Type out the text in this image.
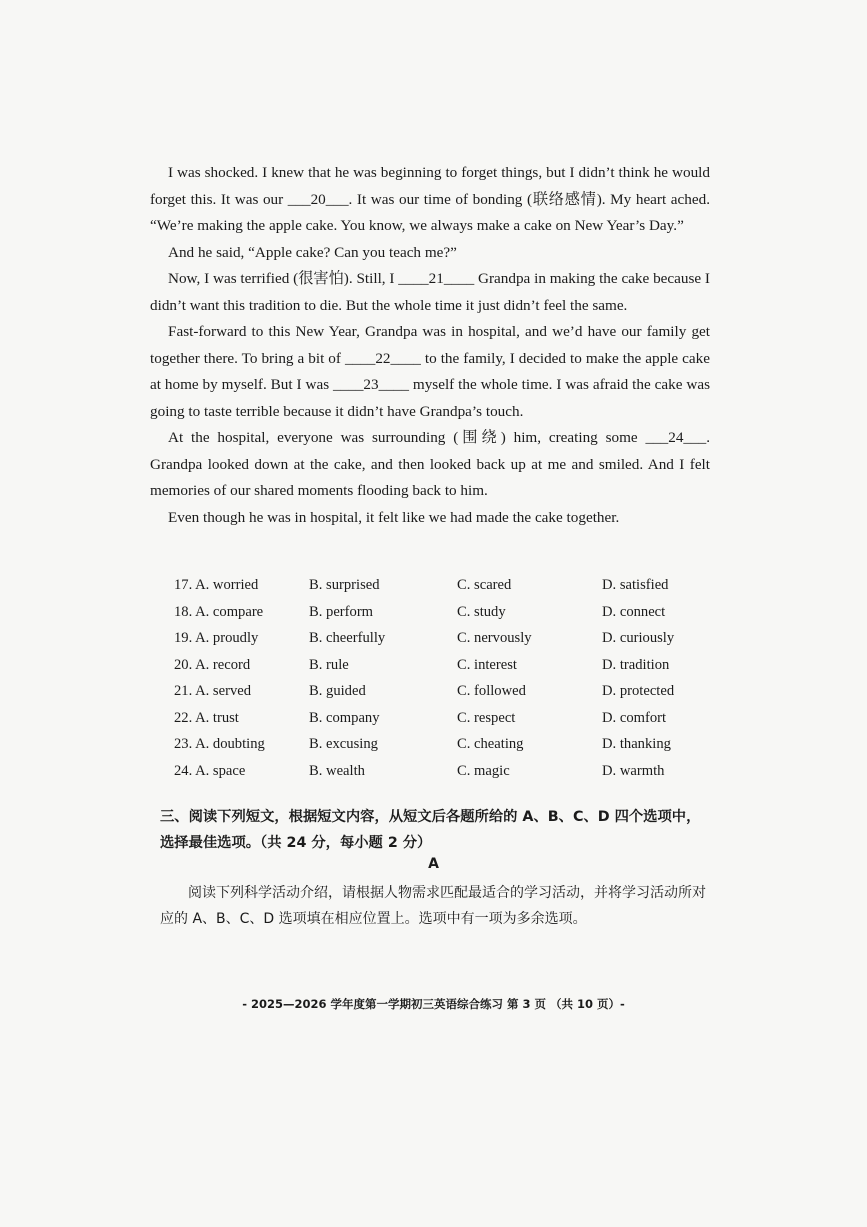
I was shocked. I knew that he was beginning to forget things, but I didn’t think he would forget this. It was our ___20___. It was our time of bonding (联络感情). My heart ached. “We’re making the apple cake. You know, we always make a cake on New Year’s Day.”

And he said, “Apple cake? Can you teach me?”

Now, I was terrified (很害怕). Still, I ____21____ Grandpa in making the cake because I didn’t want this tradition to die. But the whole time it just didn’t feel the same.

Fast-forward to this New Year, Grandpa was in hospital, and we’d have our family get together there. To bring a bit of ____22____ to the family, I decided to make the apple cake at home by myself. But I was ____23____ myself the whole time. I was afraid the cake was going to taste terrible because it didn’t have Grandpa’s touch.

At the hospital, everyone was surrounding (围绕) him, creating some ___24___. Grandpa looked down at the cake, and then looked back up at me and smiled. And I felt memories of our shared moments flooding back to him.

Even though he was in hospital, it felt like we had made the cake together.

17. A. worried	B. surprised	C. scared	D. satisfied
18. A. compare	B. perform	C. study	D. connect
19. A. proudly	B. cheerfully	C. nervously	D. curiously
20. A. record	B. rule	C. interest	D. tradition
21. A. served	B. guided	C. followed	D. protected
22. A. trust	B. company	C. respect	D. comfort
23. A. doubting	B. excusing	C. cheating	D. thanking
24. A. space	B. wealth	C. magic	D. warmth
三、阅读下列短文，根据短文内容，从短文后各题所给的 A、B、C、D 四个选项中，选择最佳选项。（共 24 分，每小题 2 分）
A
阅读下列科学活动介绍，请根据人物需求匹配最适合的学习活动，并将学习活动所对应的 A、B、C、D 选项填在相应位置上。选项中有一项为多余选项。
- 2025—2026 学年度第一学期初三英语综合练习 第 3 页 （共 10 页）-
